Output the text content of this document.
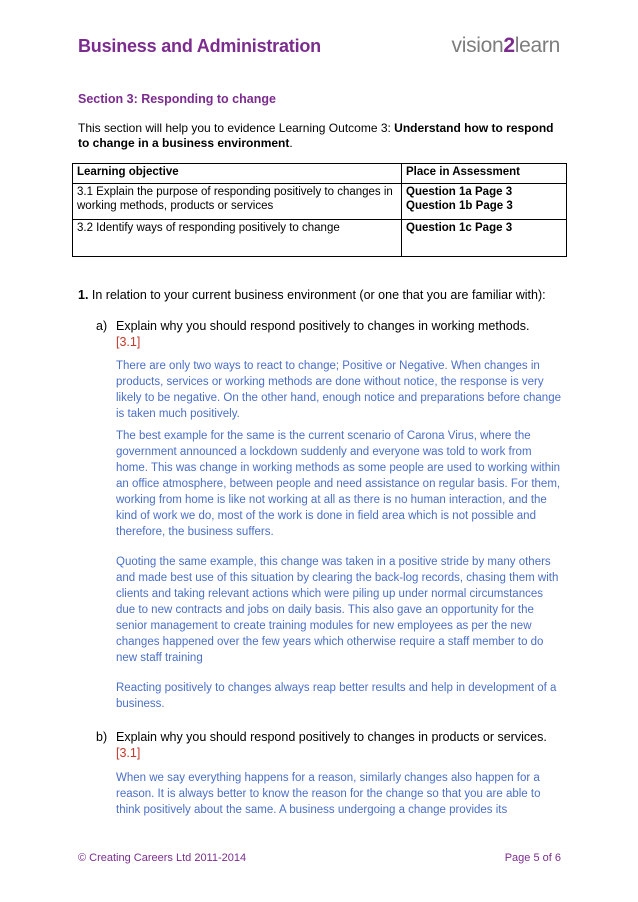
Business and Administration	vision2learn
Section 3: Responding to change
This section will help you to evidence Learning Outcome 3: Understand how to respond to change in a business environment.
Learning objective	Place in Assessment
3.1 Explain the purpose of responding positively to changes in working methods, products or services	Question 1a Page 3
Question 1b Page 3

3.2 Identify ways of responding positively to change	Question 1c Page 3
1. In relation to your current business environment (or one that you are familiar with):
a) Explain why you should respond positively to changes in working methods.
[3.1]

There are only two ways to react to change; Positive or Negative. When changes in products, services or working methods are done without notice, the response is very likely to be negative. On the other hand, enough notice and preparations before change is taken much positively.

The best example for the same is the current scenario of Carona Virus, where the government announced a lockdown suddenly and everyone was told to work from home. This was change in working methods as some people are used to working within an office atmosphere, between people and need assistance on regular basis. For them, working from home is like not working at all as there is no human interaction, and the kind of work we do, most of the work is done in field area which is not possible and therefore, the business suffers.

Quoting the same example, this change was taken in a positive stride by many others and made best use of this situation by clearing the back-log records, chasing them with clients and taking relevant actions which were piling up under normal circumstances due to new contracts and jobs on daily basis. This also gave an opportunity for the senior management to create training modules for new employees as per the new changes happened over the few years which otherwise require a staff member to do new staff training

Reacting positively to changes always reap better results and help in development of a business.

b) Explain why you should respond positively to changes in products or services.
[3.1]

When we say everything happens for a reason, similarly changes also happen for a reason. It is always better to know the reason for the change so that you are able to think positively about the same. A business undergoing a change provides its

© Creating Careers Ltd 2011-2014	Page 5 of 6
